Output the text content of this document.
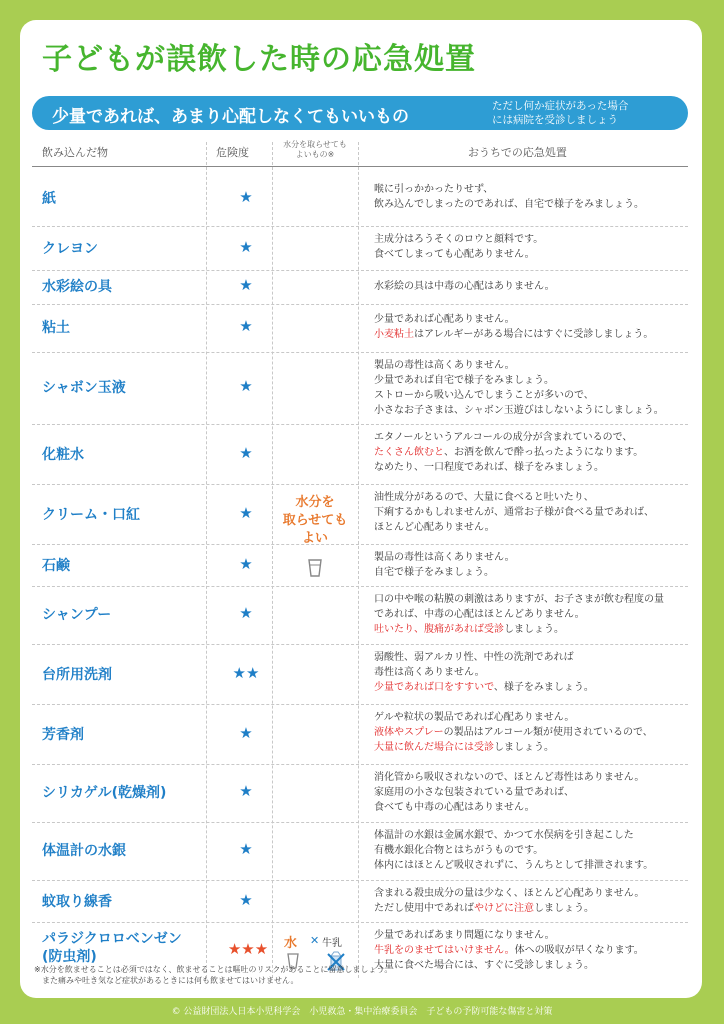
子どもが誤飲した時の応急処置
少量であれば、あまり心配しなくてもいいもの
ただし何か症状があった場合
には病院を受診しましょう
飲み込んだ物	危険度
水分を取らせても
よいもの※	おうちでの応急処置
紙	★	喉に引っかかったりせず、
飲み込んでしまったのであれば、自宅で様子をみましょう。
クレヨン	★	主成分はろうそくのロウと顔料です。
食べてしまっても心配ありません。
水彩絵の具	★	水彩絵の具は中毒の心配はありません。
粘土	★	少量であれば心配ありません。
小麦粘土はアレルギーがある場合にはすぐに受診しましょう。
シャボン玉液	★
製品の毒性は高くありません。
少量であれば自宅で様子をみましょう。
ストローから吸い込んでしまうことが多いので、
小さなお子さまは、シャボン玉遊びはしないようにしましょう。
化粧水	★
エタノールというアルコールの成分が含まれているので、
たくさん飲むと、お酒を飲んで酔っ払ったようになります。
なめたり、一口程度であれば、様子をみましょう。
クリーム・口紅	★
油性成分があるので、大量に食べると吐いたり、
下痢するかもしれませんが、通常お子様が食べる量であれば、
ほとんど心配ありません。
石鹸	★	製品の毒性は高くありません。
自宅で様子をみましょう。
シャンプー	★
口の中や喉の粘膜の刺激はありますが、お子さまが飲む程度の量
であれば、中毒の心配はほとんどありません。
吐いたり、腹痛があれば受診しましょう。
台所用洗剤	★★
弱酸性、弱アルカリ性、中性の洗剤であれば
毒性は高くありません。
少量であれば口をすすいで、様子をみましょう。
芳香剤	★
ゲルや粒状の製品であれば心配ありません。
液体やスプレーの製品はアルコール類が使用されているので、
大量に飲んだ場合には受診しましょう。
シリカゲル(乾燥剤)	★
消化管から吸収されないので、ほとんど毒性はありません。
家庭用の小さな包装されている量であれば、
食べても中毒の心配はありません。
体温計の水銀	★
体温計の水銀は金属水銀で、かつて水俣病を引き起こした
有機水銀化合物とはちがうものです。
体内にはほとんど吸収されずに、うんちとして排泄されます。
蚊取り線香	★	含まれる殺虫成分の量は少なく、ほとんど心配ありません。
ただし使用中であればやけどに注意しましょう。
パラジクロロベンゼン
(防虫剤)	★★★
少量であればあまり問題になりません。
牛乳をのませてはいけません。体への吸収が早くなります。
大量に食べた場合には、すぐに受診しましょう。
水分を
取らせても
よい
水 ✕ 牛乳
※水分を飲ませることは必須ではなく、飲ませることは嘔吐のリスクがあることに留意しましょう。
また痛みや吐き気など症状があるときには何も飲ませてはいけません。
© 公益財団法人日本小児科学会　小児救急・集中治療委員会　子どもの予防可能な傷害と対策
